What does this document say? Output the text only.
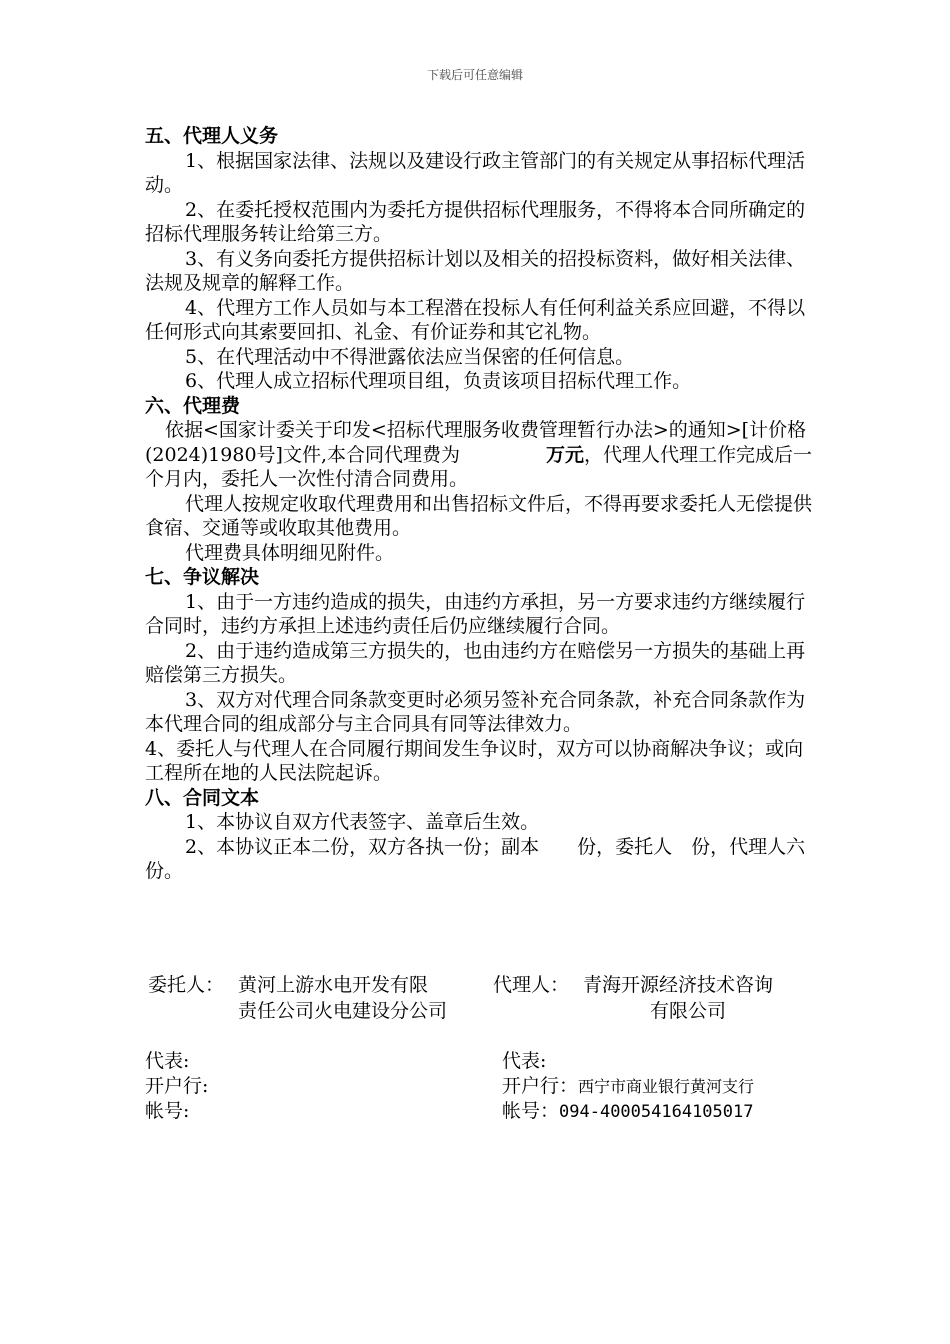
下载后可任意编辑

五、代理人义务

1、根据国家法律、法规以及建设行政主管部门的有关规定从事招标代理活动。

2、在委托授权范围内为委托方提供招标代理服务，不得将本合同所确定的招标代理服务转让给第三方。

3、有义务向委托方提供招标计划以及相关的招投标资料，做好相关法律、法规及规章的解释工作。

4、代理方工作人员如与本工程潜在投标人有任何利益关系应回避，不得以任何形式向其索要回扣、礼金、有价证券和其它礼物。

5、在代理活动中不得泄露依法应当保密的任何信息。

6、代理人成立招标代理项目组，负责该项目招标代理工作。

六、代理费

依据<国家计委关于印发<招标代理服务收费管理暂行办法>的通知>[计价格(2024)1980号]文件,本合同代理费为	万元，代理人代理工作完成后一个月内，委托人一次性付清合同费用。

代理人按规定收取代理费用和出售招标文件后，不得再要求委托人无偿提供食宿、交通等或收取其他费用。

代理费具体明细见附件。

七、争议解决

1、由于一方违约造成的损失，由违约方承担，另一方要求违约方继续履行合同时，违约方承担上述违约责任后仍应继续履行合同。

2、由于违约造成第三方损失的，也由违约方在赔偿另一方损失的基础上再赔偿第三方损失。

3、双方对代理合同条款变更时必须另签补充合同条款，补充合同条款作为本代理合同的组成部分与主合同具有同等法律效力。

4、委托人与代理人在合同履行期间发生争议时，双方可以协商解决争议；或向工程所在地的人民法院起诉。

八、合同文本

1、本协议自双方代表签字、盖章后生效。

2、本协议正本二份，双方各执一份；副本　　份，委托人　份，代理人六份。

委托人： 黄河上游水电开发有限
责任公司火电建设分公司
代理人： 青海开源经济技术咨询
有限公司
代表:
开户行:
帐号:
代表:
开户行：西宁市商业银行黄河支行
帐号：094-400054164105017
